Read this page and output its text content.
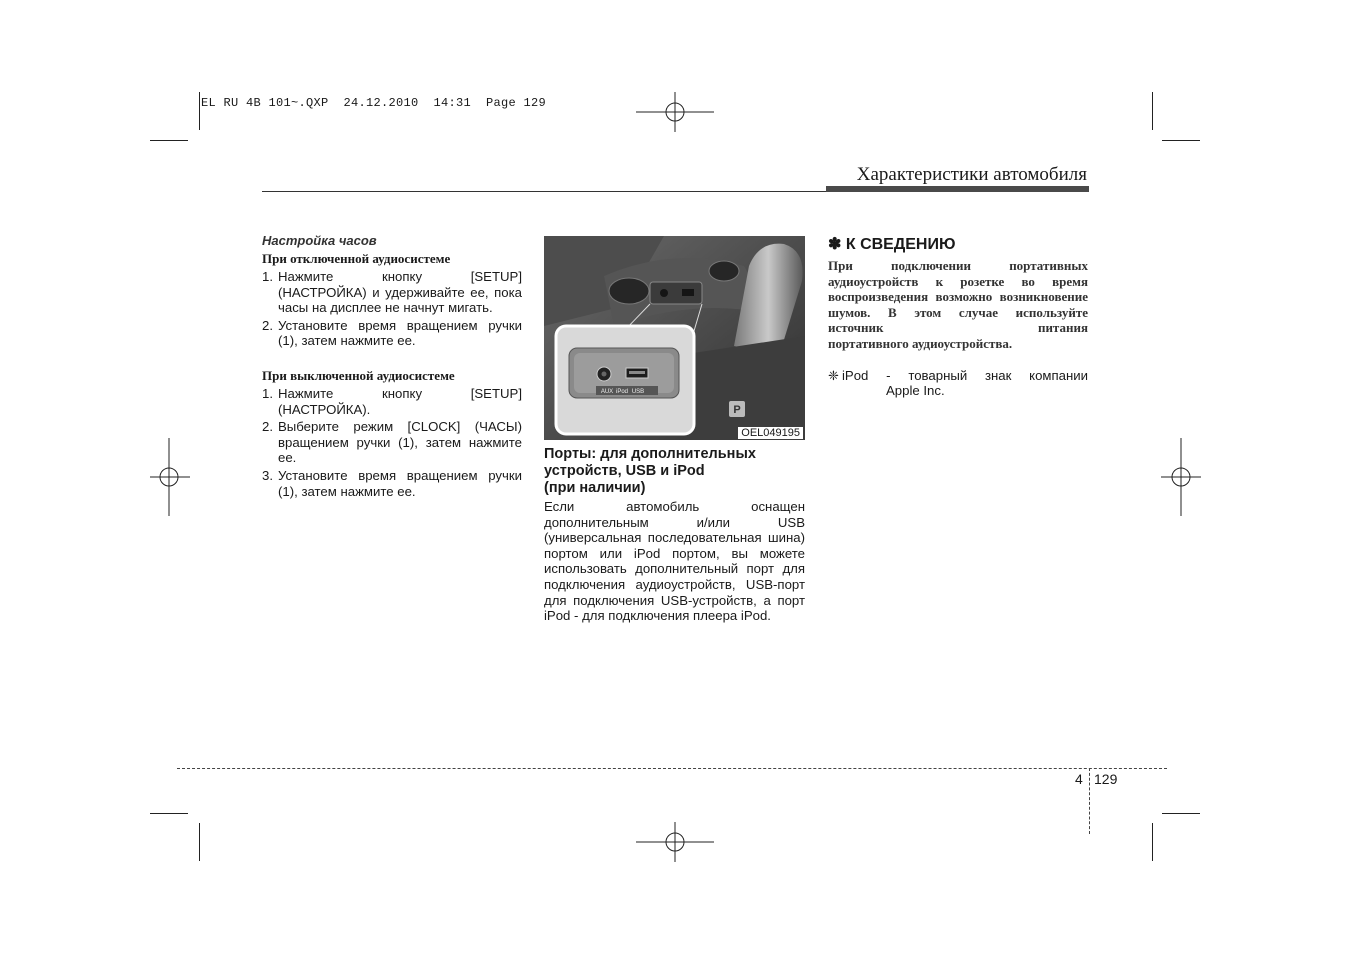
EL RU 4B 101~.QXP  24.12.2010  14:31  Page 129
Характеристики автомобиля
Настройка часов
При отключенной аудиосистеме
1. Нажмите кнопку [SETUP] (НАСТРОЙКА) и удерживайте ее, пока часы на дисплее не начнут мигать.
2. Установите время вращением ручки (1), затем нажмите ее.
При выключенной аудиосистеме
1. Нажмите кнопку [SETUP] (НАСТРОЙКА).
2. Выберите режим [CLOCK] (ЧАСЫ) вращением ручки (1), затем нажмите ее.
3. Установите время вращением ручки (1), затем нажмите ее.
P
AUX iPod USB
OEL049195
Порты: для дополнительных
устройств, USB и iPod
(при наличии)
Если автомобиль оснащен дополнительным и/или USB (универсальная последовательная шина) портом или iPod портом, вы можете использовать дополнительный порт для подключения аудиоустройств, USB-порт для подключения USB-устройств, а порт iPod - для подключения плеера iPod.
✽ К СВЕДЕНИЮ
При подключении портативных аудиоустройств к розетке во время воспроизведения возможно возникновение шумов. В этом случае используйте источник питания
портативного аудиоустройства.
❈ iPod - товарный знак компании
Apple Inc.
4 129
